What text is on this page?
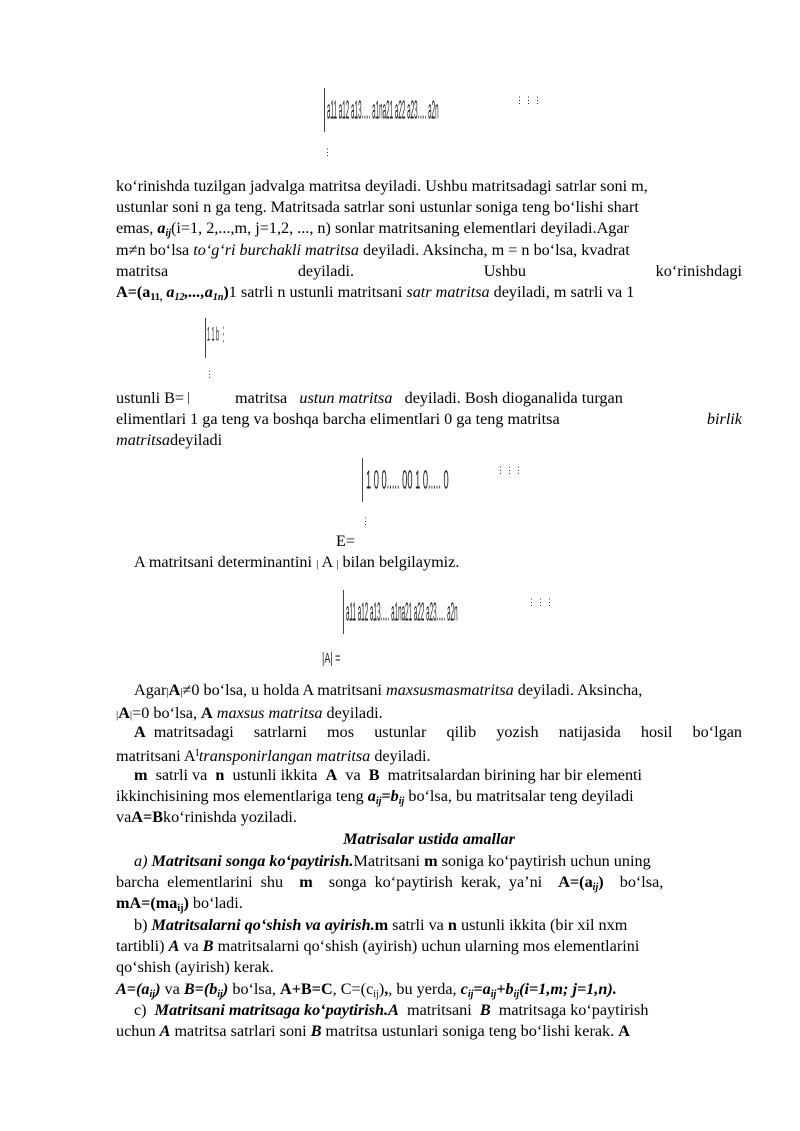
a11 a12 a13..... a1na21 a22 a23..... a2n	⋮⋮⋮
⋮
ko‘rinishda tuzilgan jadvalga matritsa deyiladi. Ushbu matritsadagi satrlar soni m,
ustunlar soni n ga teng. Matritsada satrlar soni ustunlar soniga teng bo‘lishi shart
emas, $a_{ij}(i=1$, 2,...,m, j=1,2, ..., n) sonlar matritsaning elementlari deyiladi.Agar
m≠n bo‘lsa to‘g‘ri burchakli matritsa deyiladi. Aksincha, m = n bo‘lsa, kvadrat
matritsa	deyiladi.	Ushbu	ko‘rinishdagi
$A=(a_{11,}$ $a_{12},...,a_{1n})1$ satrli n ustunli matritsani satr matritsa deyiladi, m satrli va 1
1 1 b ⋮
⋮
ustunli B=	matritsa ustun matritsa deyiladi. Bosh dioganalida turgan
elimentlari 1 ga teng va boshqa barcha elimentlari 0 ga teng matritsa	birlik
matritsadeyiladi
1 0 0..... 00 1 0..... 0	⋮⋮⋮
E=
⋮
A matritsani determinantini | A | bilan belgilaymiz.
a11 a12 a13..... a1na21 a22 a23..... a2n	⋮⋮⋮
|A| =
Agar|A|≠0 bo‘lsa, u holda A matritsani maxsusmasmatritsa deyiladi. Aksincha,
|A|=0 bo‘lsa, A maxsus matritsa deyiladi.
A matritsadagi satrlarni mos ustunlar qilib yozish natijasida hosil bo‘lgan
matritsani $A^Itransponirlangan$ matritsa deyiladi.
m satrli va n ustunli ikkita A va B matritsalardan birining har bir elementi
ikkinchisining mos elementlariga teng $a_{ij}=b_{ij}$ bo‘lsa, bu matritsalar teng deyiladi
vaA=Bko‘rinishda yoziladi.
Matrisalar ustida amallar
a) Matritsani songa ko‘paytirish.Matritsani m soniga ko‘paytirish uchun uning
barcha elementlarini shu m songa ko‘paytirish kerak, ya’ni $A=(a_{ij})$ bo‘lsa,
$mA=(ma_{ij})$ bo‘ladi.
b) Matritsalarni qo‘shish va ayirish.m satrli va n ustunli ikkita (bir xil nxm
tartibli) A va B matritsalarni qo‘shish (ayirish) uchun ularning mos elementlarini
qo‘shish (ayirish) kerak.
$A=(a_{ij})$ va $B=(b_{ij})$ bo‘lsa, A+B=C, $C=(c_{ij})$,, bu yerda, $c_{ij}=a_{ij}+b_{ij}(i=1,m$; j=1,n).
c) Matritsani matritsaga ko‘paytirish.A matritsani B matritsaga ko‘paytirish
uchun A matritsa satrlari soni B matritsa ustunlari soniga teng bo‘lishi kerak. A
